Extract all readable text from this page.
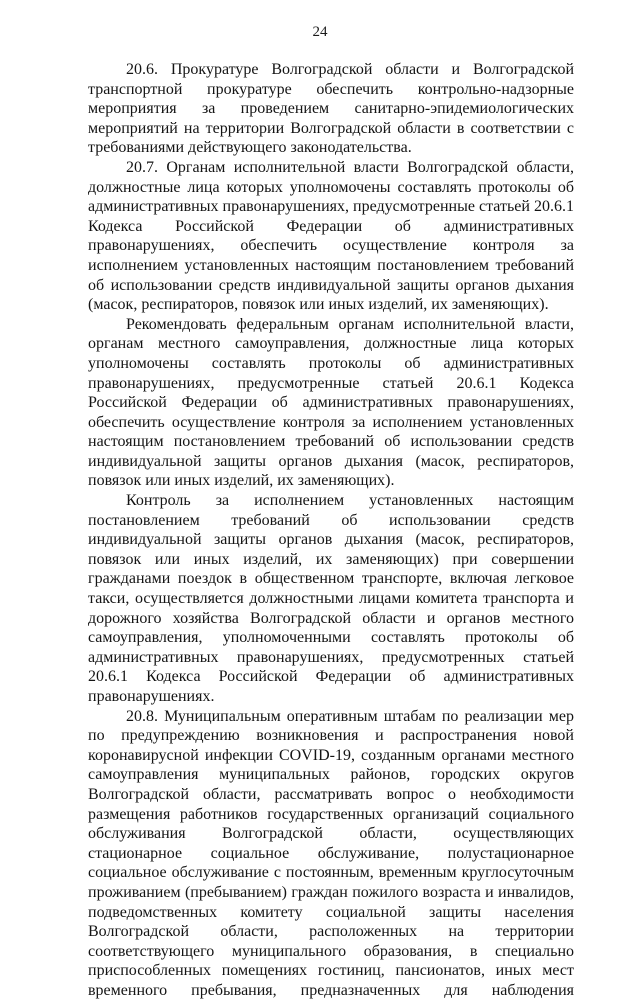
24

20.6. Прокуратуре Волгоградской области и Волгоградской транспортной прокуратуре обеспечить контрольно-надзорные мероприятия за проведением санитарно-эпидемиологических мероприятий на территории Волгоградской области в соответствии с требованиями действующего законодательства.

20.7. Органам исполнительной власти Волгоградской области, должностные лица которых уполномочены составлять протоколы об административных правонарушениях, предусмотренные статьей 20.6.1 Кодекса Российской Федерации об административных правонарушениях, обеспечить осуществление контроля за исполнением установленных настоящим постановлением требований об использовании средств индивидуальной защиты органов дыхания (масок, респираторов, повязок или иных изделий, их заменяющих).

Рекомендовать федеральным органам исполнительной власти, органам местного самоуправления, должностные лица которых уполномочены составлять протоколы об административных правонарушениях, предусмотренные статьей 20.6.1 Кодекса Российской Федерации об административных правонарушениях, обеспечить осуществление контроля за исполнением установленных настоящим постановлением требований об использовании средств индивидуальной защиты органов дыхания (масок, респираторов, повязок или иных изделий, их заменяющих).

Контроль за исполнением установленных настоящим постановлением требований об использовании средств индивидуальной защиты органов дыхания (масок, респираторов, повязок или иных изделий, их заменяющих) при совершении гражданами поездок в общественном транспорте, включая легковое такси, осуществляется должностными лицами комитета транспорта и дорожного хозяйства Волгоградской области и органов местного самоуправления, уполномоченными составлять протоколы об административных правонарушениях, предусмотренных статьей 20.6.1 Кодекса Российской Федерации об административных правонарушениях.

20.8. Муниципальным оперативным штабам по реализации мер по предупреждению возникновения и распространения новой коронавирусной инфекции COVID-19, созданным органами местного самоуправления муниципальных районов, городских округов Волгоградской области, рассматривать вопрос о необходимости размещения работников государственных организаций социального обслуживания Волгоградской области, осуществляющих стационарное социальное обслуживание, полустационарное социальное обслуживание с постоянным, временным круглосуточным проживанием (пребыванием) граждан пожилого возраста и инвалидов, подведомственных комитету социальной защиты населения Волгоградской области, расположенных на территории соответствующего муниципального образования, в специально приспособленных помещениях гостиниц, пансионатов, иных мест временного пребывания, предназначенных для наблюдения
